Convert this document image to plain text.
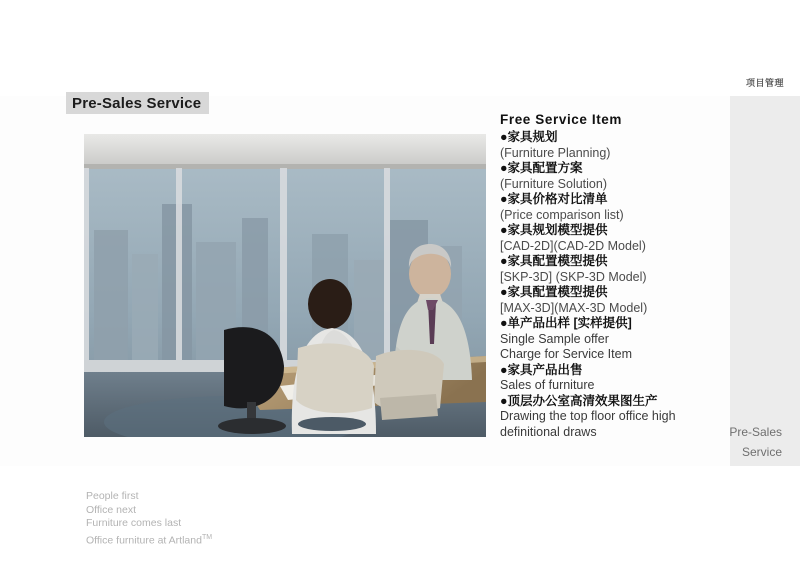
项目管理
Pre-Sales Service
Free Service Item
●家具规划
(Furniture Planning)
●家具配置方案
(Furniture Solution)
●家具价格对比清单
(Price comparison list)
●家具规划模型提供
[CAD-2D](CAD-2D Model)
●家具配置模型提供
[SKP-3D] (SKP-3D Model)
●家具配置模型提供
[MAX-3D](MAX-3D Model)
●单产品出样 [实样提供]
Single Sample offer
Charge for Service Item
●家具产品出售
Sales of furniture
●顶层办公室高清效果图生产
Drawing the top floor office high definitional draws	Pre-Sales
Service
People first
Office next
Furniture comes last
Office furniture at Artland™
